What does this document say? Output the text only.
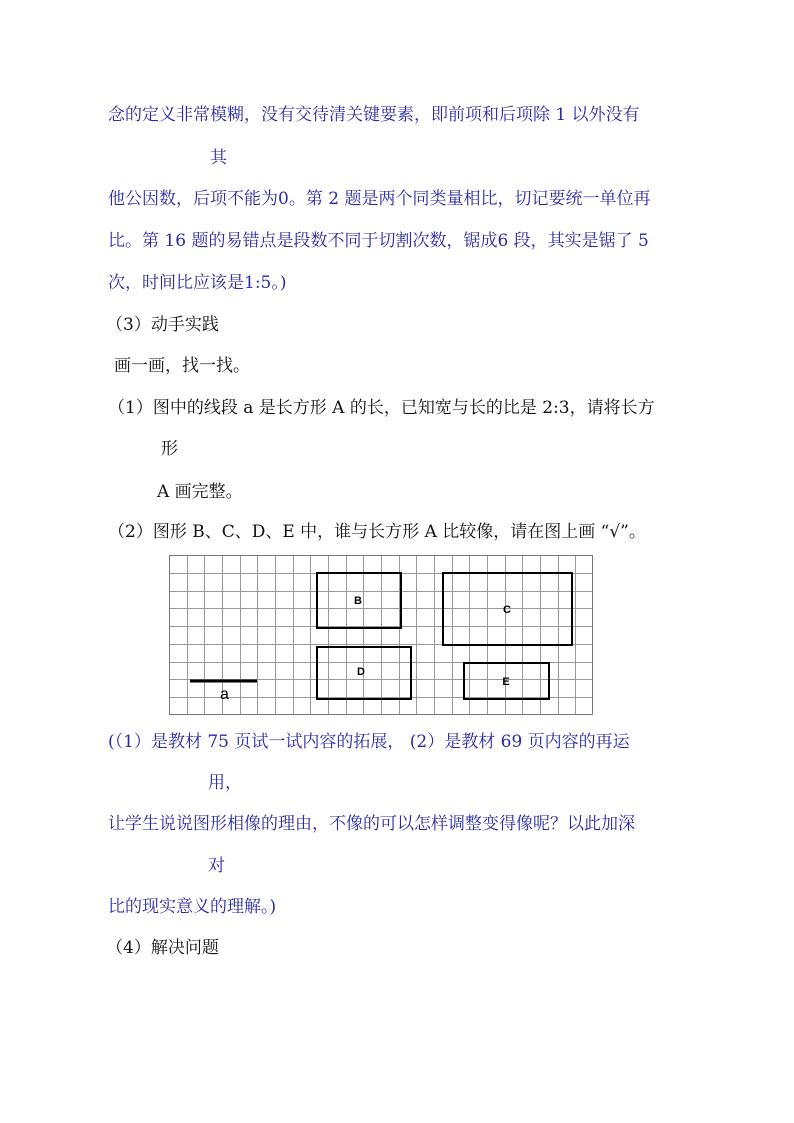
念的定义非常模糊，没有交待清关键要素，即前项和后项除 1 以外没有
其
他公因数，后项不能为0。第 2 题是两个同类量相比，切记要统一单位再
比。第 16 题的易错点是段数不同于切割次数，锯成6 段，其实是锯了 5
次，时间比应该是1:5。)
（3）动手实践
画一画，找一找。
（1）图中的线段 a 是长方形 A 的长，已知宽与长的比是 2:3，请将长方
形
A 画完整。
（2）图形 B、C、D、E 中，谁与长方形 A 比较像，请在图上画 “√”。
a
B
C
D
E
(（1）是教材 75 页试一试内容的拓展， (2）是教材 69 页内容的再运
用，
让学生说说图形相像的理由，不像的可以怎样调整变得像呢？以此加深
对
比的现实意义的理解。)
（4）解决问题
